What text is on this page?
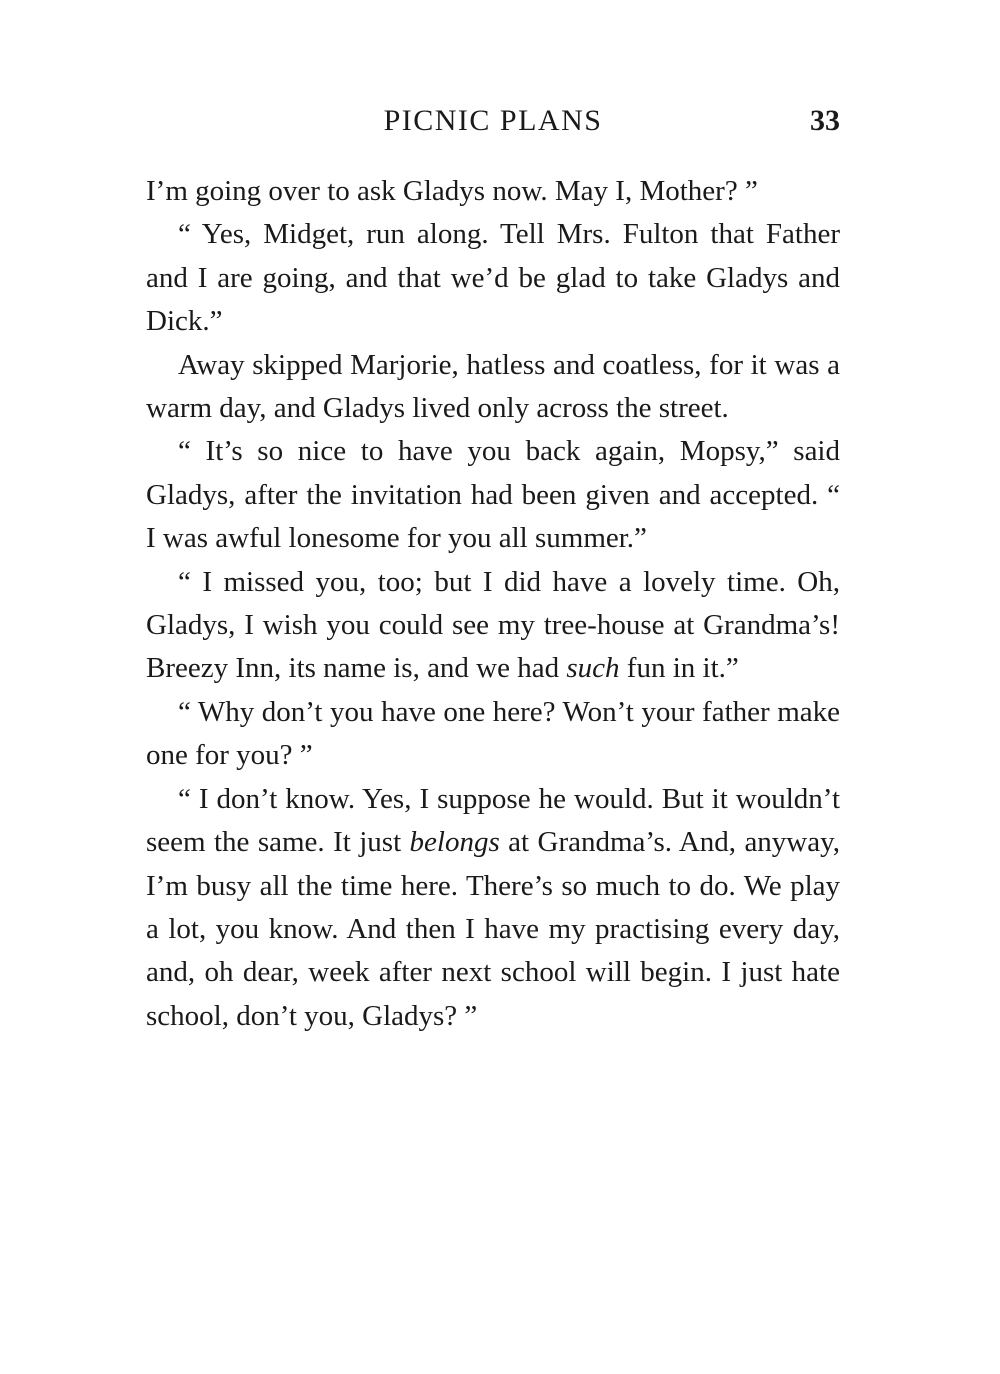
PICNIC PLANS	33

I’m going over to ask Gladys now. May I, Mother? ”

“ Yes, Midget, run along. Tell Mrs. Fulton that Father and I are going, and that we’d be glad to take Gladys and Dick.”

Away skipped Marjorie, hatless and coatless, for it was a warm day, and Gladys lived only across the street.

“ It’s so nice to have you back again, Mopsy,” said Gladys, after the invitation had been given and accepted. “ I was awful lonesome for you all summer.”

“ I missed you, too; but I did have a lovely time. Oh, Gladys, I wish you could see my tree-house at Grandma’s! Breezy Inn, its name is, and we had such fun in it.”

“ Why don’t you have one here? Won’t your father make one for you? ”

“ I don’t know. Yes, I suppose he would. But it wouldn’t seem the same. It just belongs at Grandma’s. And, anyway, I’m busy all the time here. There’s so much to do. We play a lot, you know. And then I have my practising every day, and, oh dear, week after next school will begin. I just hate school, don’t you, Gladys? ”
